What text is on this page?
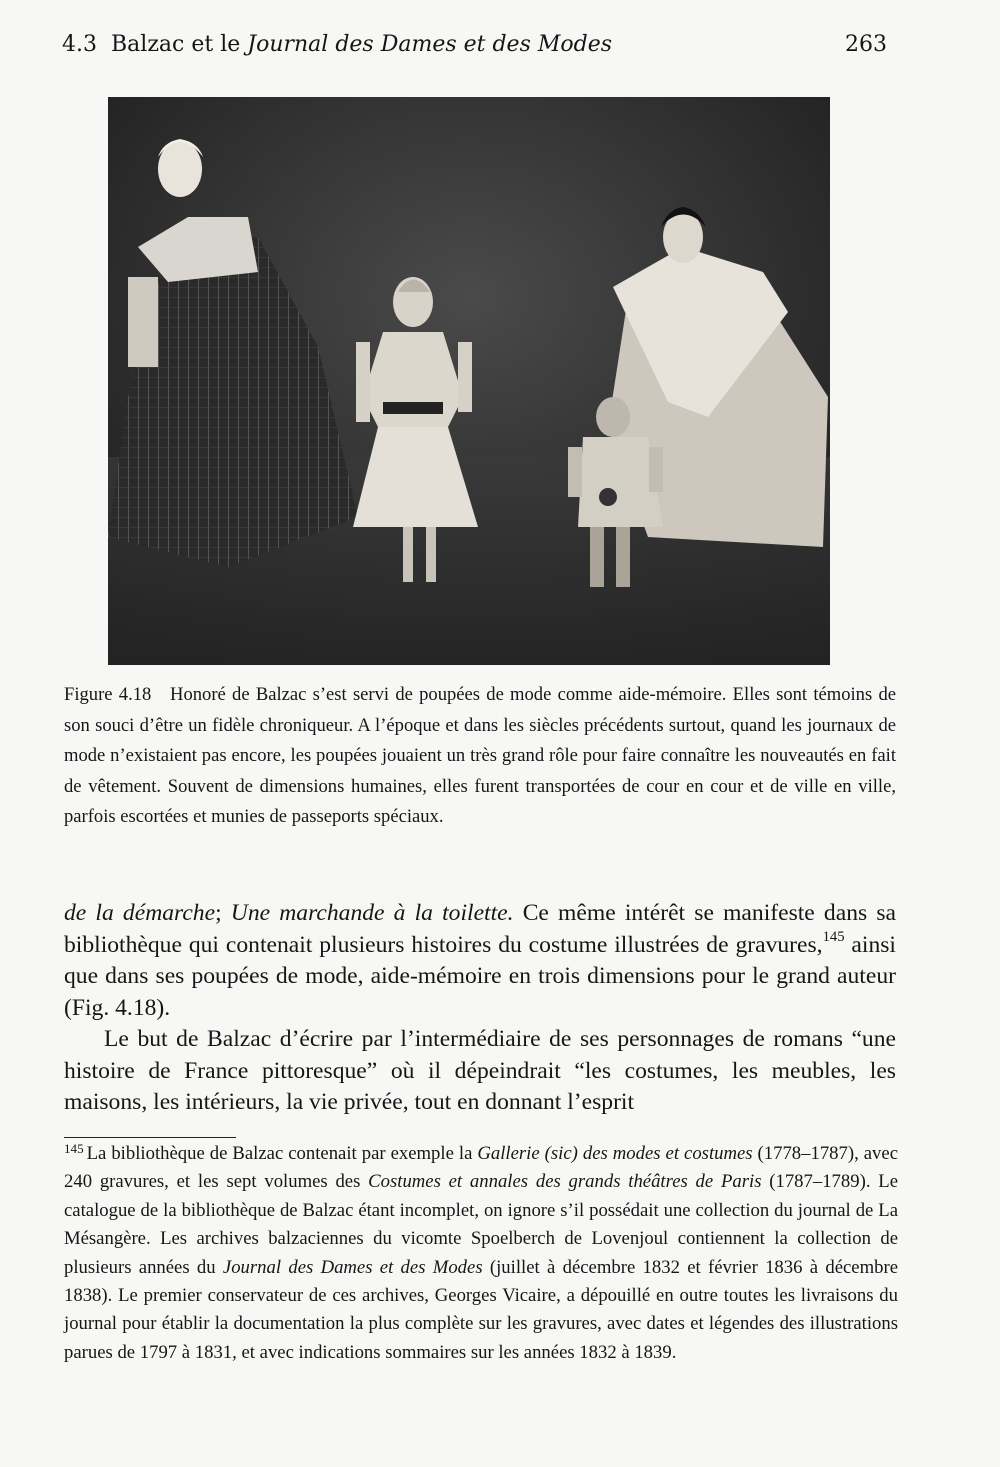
4.3 Balzac et le Journal des Dames et des Modes	263
Figure 4.18 Honoré de Balzac s’est servi de poupées de mode comme aide-mémoire. Elles sont témoins de son souci d’être un fidèle chroniqueur. A l’époque et dans les siècles précédents surtout, quand les journaux de mode n’existaient pas encore, les poupées jouaient un très grand rôle pour faire connaître les nouveautés en fait de vêtement. Souvent de dimensions humaines, elles furent transportées de cour en cour et de ville en ville, parfois escortées et munies de passeports spéciaux.

de la démarche; Une marchande à la toilette. Ce même intérêt se manifeste dans sa bibliothèque qui contenait plusieurs histoires du costume illustrées de gravures,$^{145}$ ainsi que dans ses poupées de mode, aide-mémoire en trois dimensions pour le grand auteur (Fig. 4.18).

Le but de Balzac d’écrire par l’intermédiaire de ses personnages de romans “une histoire de France pittoresque” où il dépeindrait “les costumes, les meubles, les maisons, les intérieurs, la vie privée, tout en donnant l’esprit

$^{145}$ La bibliothèque de Balzac contenait par exemple la Gallerie (sic) des modes et costumes (1778–1787), avec 240 gravures, et les sept volumes des Costumes et annales des grands théâtres de Paris (1787–1789). Le catalogue de la bibliothèque de Balzac étant incomplet, on ignore s’il possédait une collection du journal de La Mésangère. Les archives balzaciennes du vicomte Spoelberch de Lovenjoul contiennent la collection de plusieurs années du Journal des Dames et des Modes (juillet à décembre 1832 et février 1836 à décembre 1838). Le premier conservateur de ces archives, Georges Vicaire, a dépouillé en outre toutes les livraisons du journal pour établir la documentation la plus complète sur les gravures, avec dates et légendes des illustrations parues de 1797 à 1831, et avec indications sommaires sur les années 1832 à 1839.
